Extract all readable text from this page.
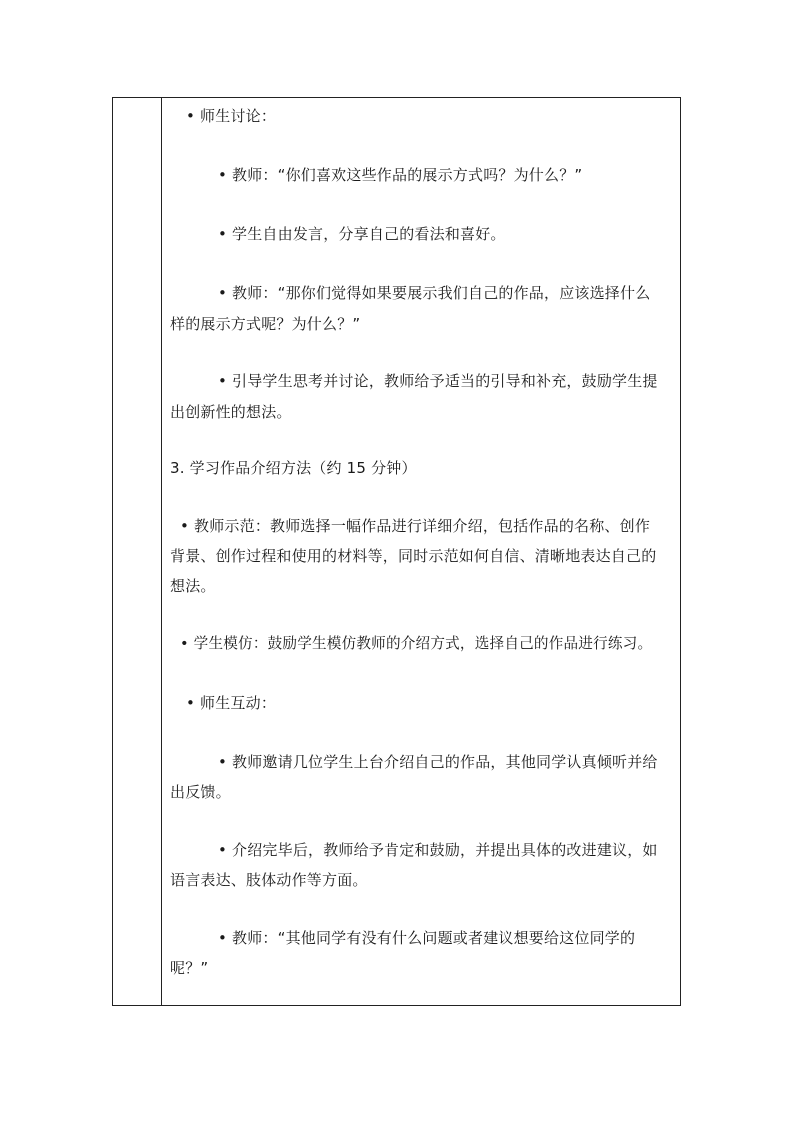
• 师生讨论：
• 教师：“你们喜欢这些作品的展示方式吗？为什么？”
• 学生自由发言，分享自己的看法和喜好。
• 教师：“那你们觉得如果要展示我们自己的作品，应该选择什么
样的展示方式呢？为什么？”
• 引导学生思考并讨论，教师给予适当的引导和补充，鼓励学生提
出创新性的想法。
3. 学习作品介绍方法（约 15 分钟）
• 教师示范：教师选择一幅作品进行详细介绍，包括作品的名称、创作
背景、创作过程和使用的材料等，同时示范如何自信、清晰地表达自己的
想法。
• 学生模仿：鼓励学生模仿教师的介绍方式，选择自己的作品进行练习。
• 师生互动：
• 教师邀请几位学生上台介绍自己的作品，其他同学认真倾听并给
出反馈。
• 介绍完毕后，教师给予肯定和鼓励，并提出具体的改进建议，如
语言表达、肢体动作等方面。
• 教师：“其他同学有没有什么问题或者建议想要给这位同学的
呢？”
